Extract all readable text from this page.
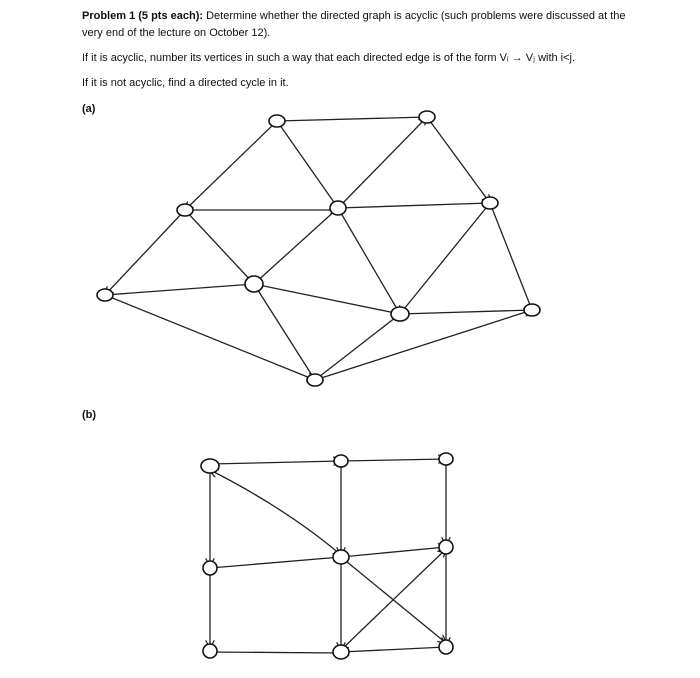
Problem 1 (5 pts each): Determine whether the directed graph is acyclic (such problems were discussed at the very end of the lecture on October 12).

If it is acyclic, number its vertices in such a way that each directed edge is of the form Vᵢ → Vⱼ with i<j.

If it is not acyclic, find a directed cycle in it.

(a)
(b)
